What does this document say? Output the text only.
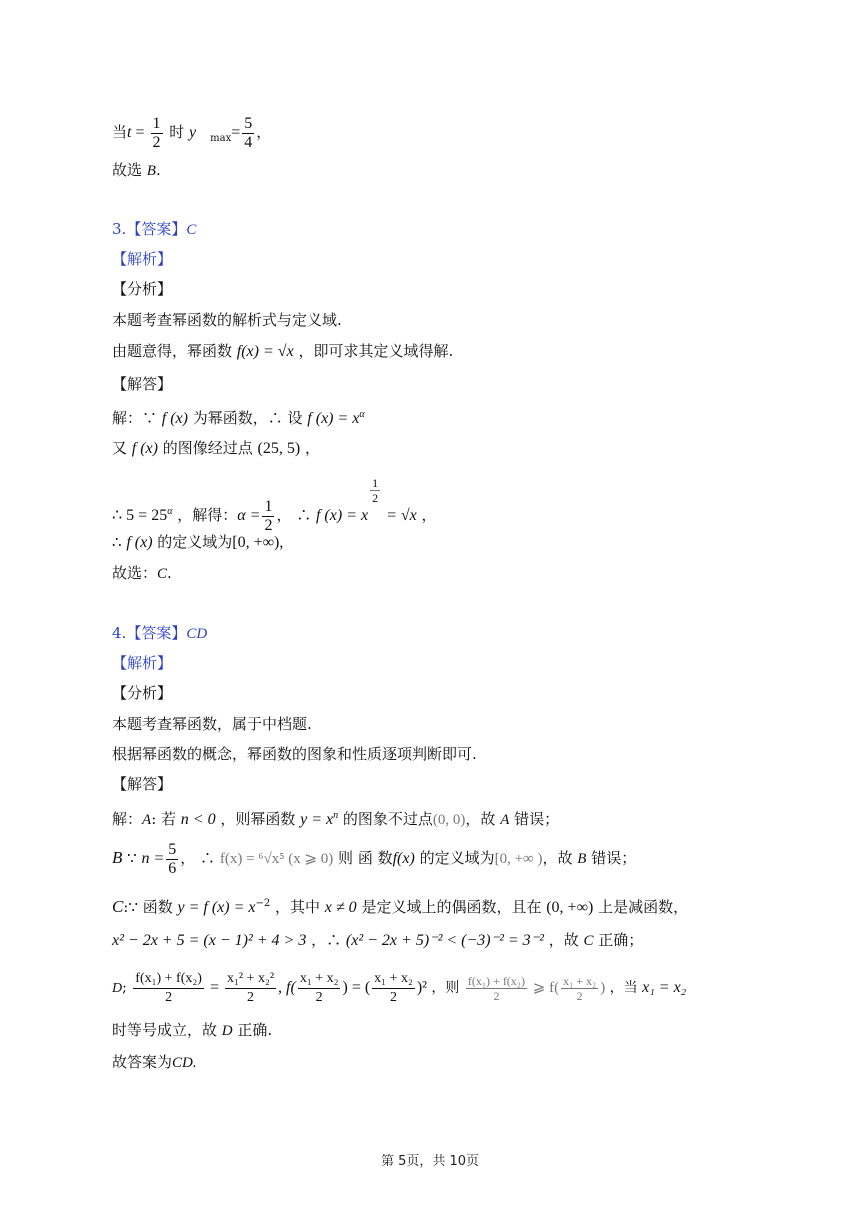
当$t = \frac{1}{2}$ 时 y $_{max}= \frac{5}{4}$ ，
故选 B.
3.【答案】C
【解析】
【分析】
本题考查幂函数的解析式与定义域.
由题意得，幂函数 f(x) = √x ，即可求其定义域得解.
【解答】
解：∵ f (x) 为幂函数，∴ 设 f $(x) = x^\alpha$
又 f (x) 的图像经过点 (25, 5) ，
∴ $5 = 25^\alpha$ ，解得：$\alpha = \frac{1}{2}$ ， ∴ f (x) = x
$\frac{1}{2}$
= √x ，
∴ f (x) 的定义域为[0, +∞),
故选：C.
4.【答案】CD
【解析】
【分析】
本题考查幂函数，属于中档题.
根据幂函数的概念，幂函数的图象和性质逐项判断即可.
【解答】
解：A: 若 n < 0 ，则幂函数 $y = x^n$ 的图象不过点(0, 0)，故 A 错误；
B ∵ $n = \frac{5}{6}$ ， ∴ f(x) = ⁶√x⁵ (x ⩾ 0) 则 函 数f(x) 的定义域为[0, +∞ )，故 B 错误；
C:∵ 函数 y = f $(x) = x^{-2}$ ，其中 x ≠ 0 是定义域上的偶函数，且在 (0, +∞) 上是减函数，
x² − 2x + 5 = (x − 1)² + 4 > 3 ，∴ (x² − 2x + 5)⁻² < (−3)⁻² = 3⁻² ，故 C 正确；
D; $\frac{\text{f(x₁) + f(x₂)}}{2} = \frac{\text{x₁² + x₂²}}{2}$ , $f( \frac{\text{x₁ + x₂}}{2}$ ) = ( $\frac{\text{x₁ + x₂}}{2} )^2$ ，则 $\frac{\text{f(x₁) + f(x₂)}}{2}$ ⩾ $f( \frac{\text{x₁ + x₂}}{2}$ ) ，当 x₁ = x₂
时等号成立，故 D 正确.
故答案为CD.
第 5页，共 10页
